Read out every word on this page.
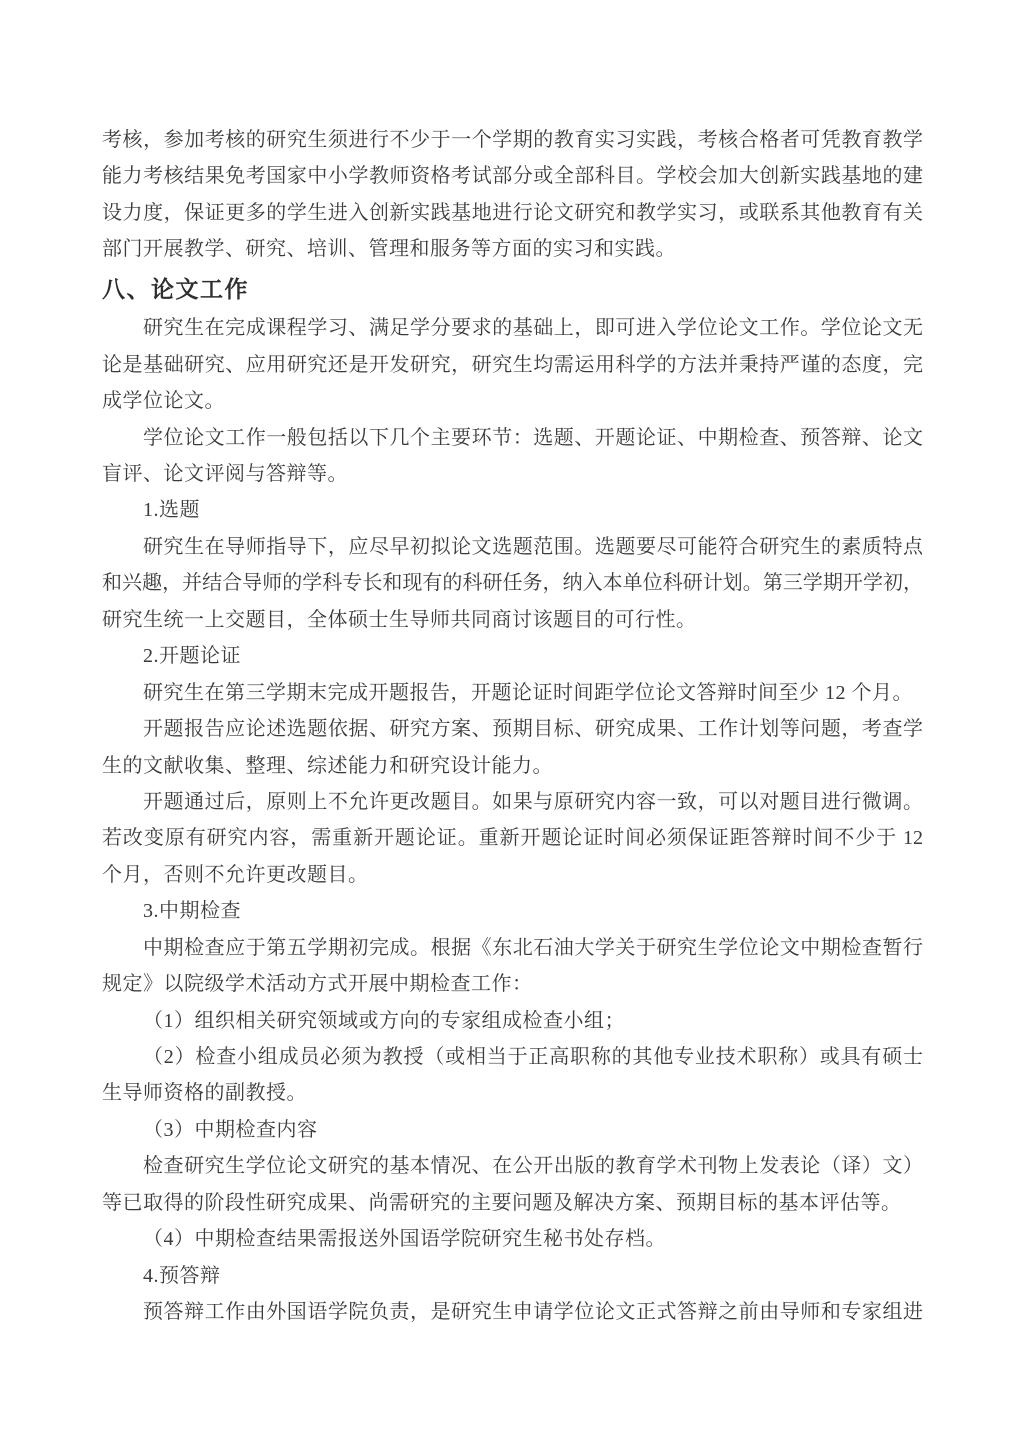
考核，参加考核的研究生须进行不少于一个学期的教育实习实践，考核合格者可凭教育教学
能力考核结果免考国家中小学教师资格考试部分或全部科目。学校会加大创新实践基地的建
设力度，保证更多的学生进入创新实践基地进行论文研究和教学实习，或联系其他教育有关
部门开展教学、研究、培训、管理和服务等方面的实习和实践。
八、论文工作
研究生在完成课程学习、满足学分要求的基础上，即可进入学位论文工作。学位论文无
论是基础研究、应用研究还是开发研究，研究生均需运用科学的方法并秉持严谨的态度，完
成学位论文。
学位论文工作一般包括以下几个主要环节：选题、开题论证、中期检查、预答辩、论文
盲评、论文评阅与答辩等。
1.选题
研究生在导师指导下，应尽早初拟论文选题范围。选题要尽可能符合研究生的素质特点
和兴趣，并结合导师的学科专长和现有的科研任务，纳入本单位科研计划。第三学期开学初，
研究生统一上交题目，全体硕士生导师共同商讨该题目的可行性。
2.开题论证
研究生在第三学期末完成开题报告，开题论证时间距学位论文答辩时间至少 12 个月。
开题报告应论述选题依据、研究方案、预期目标、研究成果、工作计划等问题，考查学
生的文献收集、整理、综述能力和研究设计能力。
开题通过后，原则上不允许更改题目。如果与原研究内容一致，可以对题目进行微调。
若改变原有研究内容，需重新开题论证。重新开题论证时间必须保证距答辩时间不少于 12
个月，否则不允许更改题目。
3.中期检查
中期检查应于第五学期初完成。根据《东北石油大学关于研究生学位论文中期检查暂行
规定》以院级学术活动方式开展中期检查工作：
（1）组织相关研究领域或方向的专家组成检查小组；
（2）检查小组成员必须为教授（或相当于正高职称的其他专业技术职称）或具有硕士
生导师资格的副教授。
（3）中期检查内容
检查研究生学位论文研究的基本情况、在公开出版的教育学术刊物上发表论（译）文）
等已取得的阶段性研究成果、尚需研究的主要问题及解决方案、预期目标的基本评估等。
（4）中期检查结果需报送外国语学院研究生秘书处存档。
4.预答辩
预答辩工作由外国语学院负责，是研究生申请学位论文正式答辩之前由导师和专家组进
